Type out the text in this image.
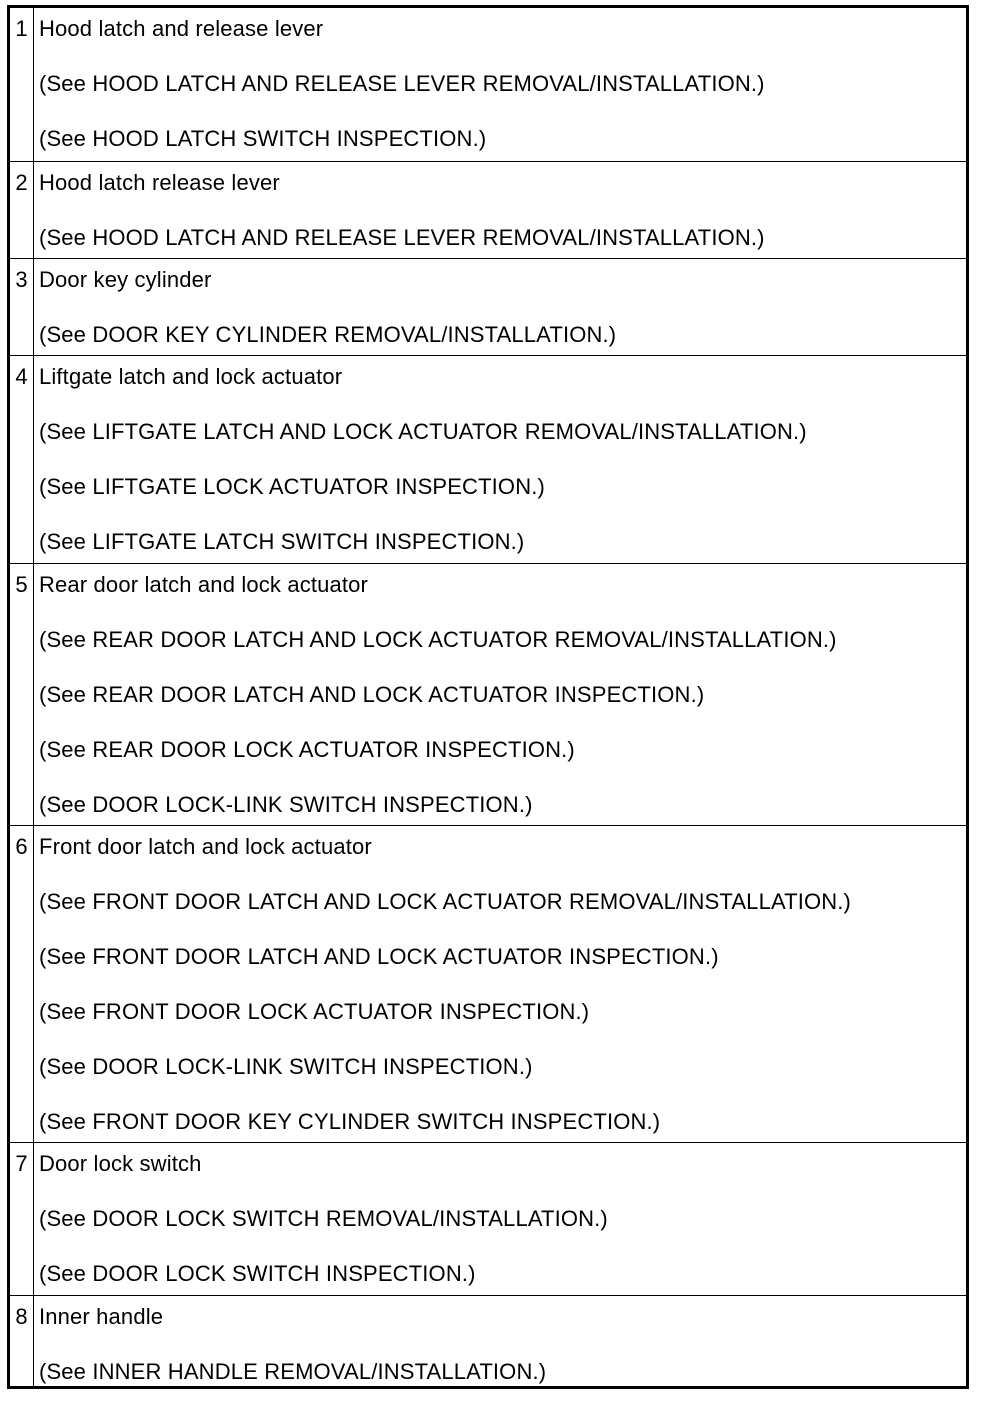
1 Hood latch and release lever
(See HOOD LATCH AND RELEASE LEVER REMOVAL/INSTALLATION.)
(See HOOD LATCH SWITCH INSPECTION.)
2 Hood latch release lever
(See HOOD LATCH AND RELEASE LEVER REMOVAL/INSTALLATION.)
3 Door key cylinder
(See DOOR KEY CYLINDER REMOVAL/INSTALLATION.)
4 Liftgate latch and lock actuator
(See LIFTGATE LATCH AND LOCK ACTUATOR REMOVAL/INSTALLATION.)
(See LIFTGATE LOCK ACTUATOR INSPECTION.)
(See LIFTGATE LATCH SWITCH INSPECTION.)
5 Rear door latch and lock actuator
(See REAR DOOR LATCH AND LOCK ACTUATOR REMOVAL/INSTALLATION.)
(See REAR DOOR LATCH AND LOCK ACTUATOR INSPECTION.)
(See REAR DOOR LOCK ACTUATOR INSPECTION.)
(See DOOR LOCK-LINK SWITCH INSPECTION.)
6 Front door latch and lock actuator
(See FRONT DOOR LATCH AND LOCK ACTUATOR REMOVAL/INSTALLATION.)
(See FRONT DOOR LATCH AND LOCK ACTUATOR INSPECTION.)
(See FRONT DOOR LOCK ACTUATOR INSPECTION.)
(See DOOR LOCK-LINK SWITCH INSPECTION.)
(See FRONT DOOR KEY CYLINDER SWITCH INSPECTION.)
7 Door lock switch
(See DOOR LOCK SWITCH REMOVAL/INSTALLATION.)
(See DOOR LOCK SWITCH INSPECTION.)
8 Inner handle
(See INNER HANDLE REMOVAL/INSTALLATION.)
